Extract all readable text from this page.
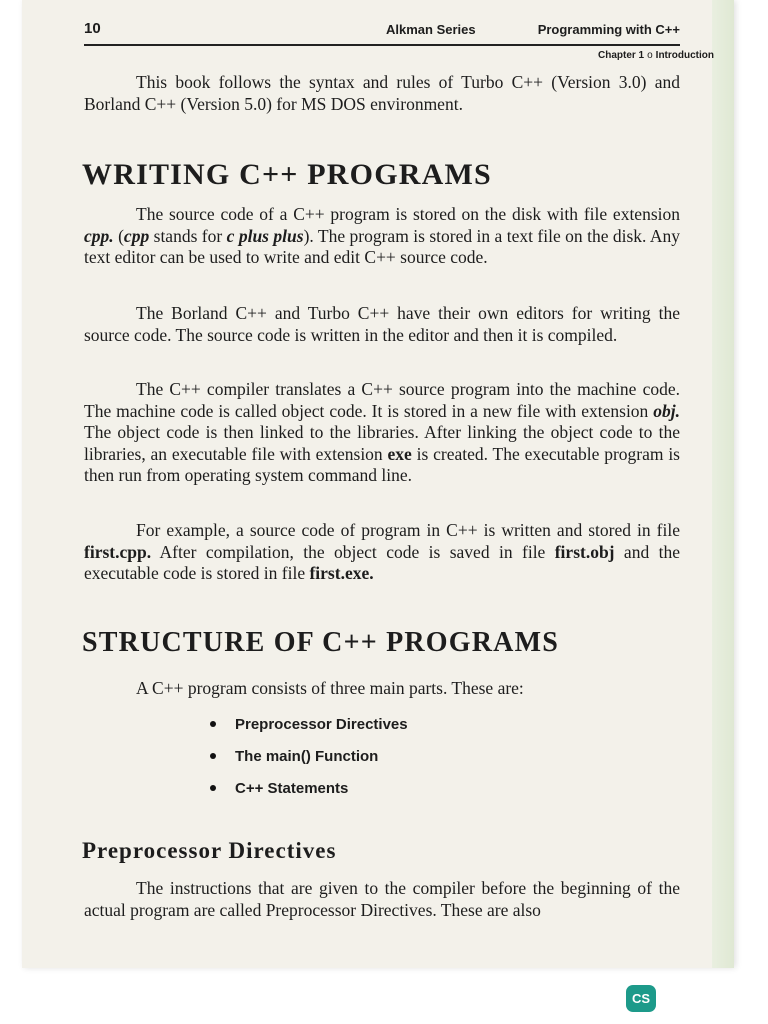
10	Alkman Series	Programming with C++
Chapter 1 o Introduction

This book follows the syntax and rules of Turbo C++ (Version 3.0) and Borland C++ (Version 5.0) for MS DOS environment.

WRITING C++ PROGRAMS

The source code of a C++ program is stored on the disk with file extension cpp. (cpp stands for c plus plus). The program is stored in a text file on the disk. Any text editor can be used to write and edit C++ source code.

The Borland C++ and Turbo C++ have their own editors for writing the source code. The source code is written in the editor and then it is compiled.

The C++ compiler translates a C++ source program into the machine code. The machine code is called object code. It is stored in a new file with extension obj. The object code is then linked to the libraries. After linking the object code to the libraries, an executable file with extension exe is created. The executable program is then run from operating system command line.

For example, a source code of program in C++ is written and stored in file first.cpp. After compilation, the object code is saved in file first.obj and the executable code is stored in file first.exe.

STRUCTURE OF C++ PROGRAMS
A C++ program consists of three main parts. These are:
Preprocessor Directives
The main() Function
C++ Statements
Preprocessor Directives

The instructions that are given to the compiler before the beginning of the actual program are called Preprocessor Directives. These are also

CS
